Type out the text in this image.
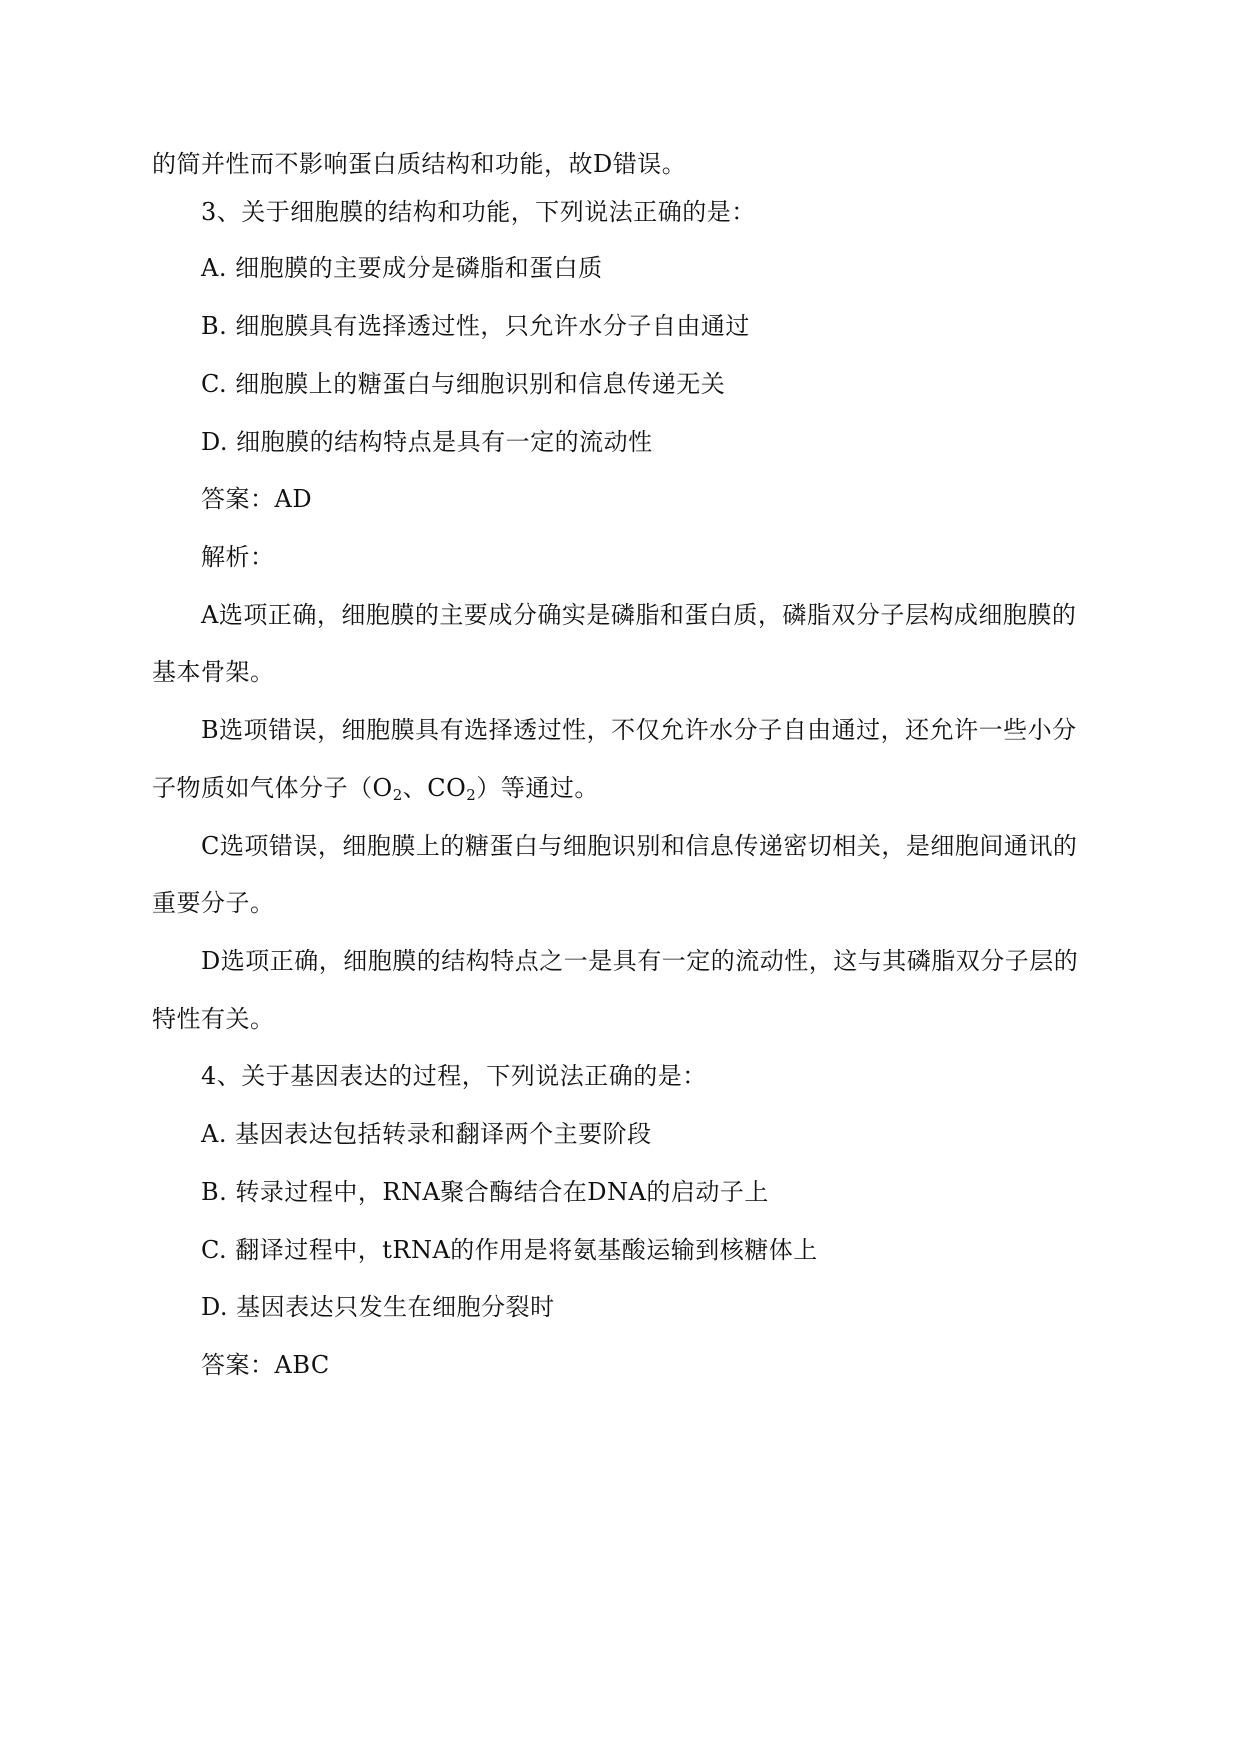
的简并性而不影响蛋白质结构和功能，故D错误。
3、关于细胞膜的结构和功能，下列说法正确的是：
A. 细胞膜的主要成分是磷脂和蛋白质
B. 细胞膜具有选择透过性，只允许水分子自由通过
C. 细胞膜上的糖蛋白与细胞识别和信息传递无关
D. 细胞膜的结构特点是具有一定的流动性
答案：AD
解析：
A选项正确，细胞膜的主要成分确实是磷脂和蛋白质，磷脂双分子层构成细胞膜的
基本骨架。
B选项错误，细胞膜具有选择透过性，不仅允许水分子自由通过，还允许一些小分
子物质如气体分子（$O_2$、$CO_2$）等通过。
C选项错误，细胞膜上的糖蛋白与细胞识别和信息传递密切相关，是细胞间通讯的
重要分子。
D选项正确，细胞膜的结构特点之一是具有一定的流动性，这与其磷脂双分子层的
特性有关。
4、关于基因表达的过程，下列说法正确的是：
A. 基因表达包括转录和翻译两个主要阶段
B. 转录过程中，RNA聚合酶结合在DNA的启动子上
C. 翻译过程中，tRNA的作用是将氨基酸运输到核糖体上
D. 基因表达只发生在细胞分裂时
答案：ABC
